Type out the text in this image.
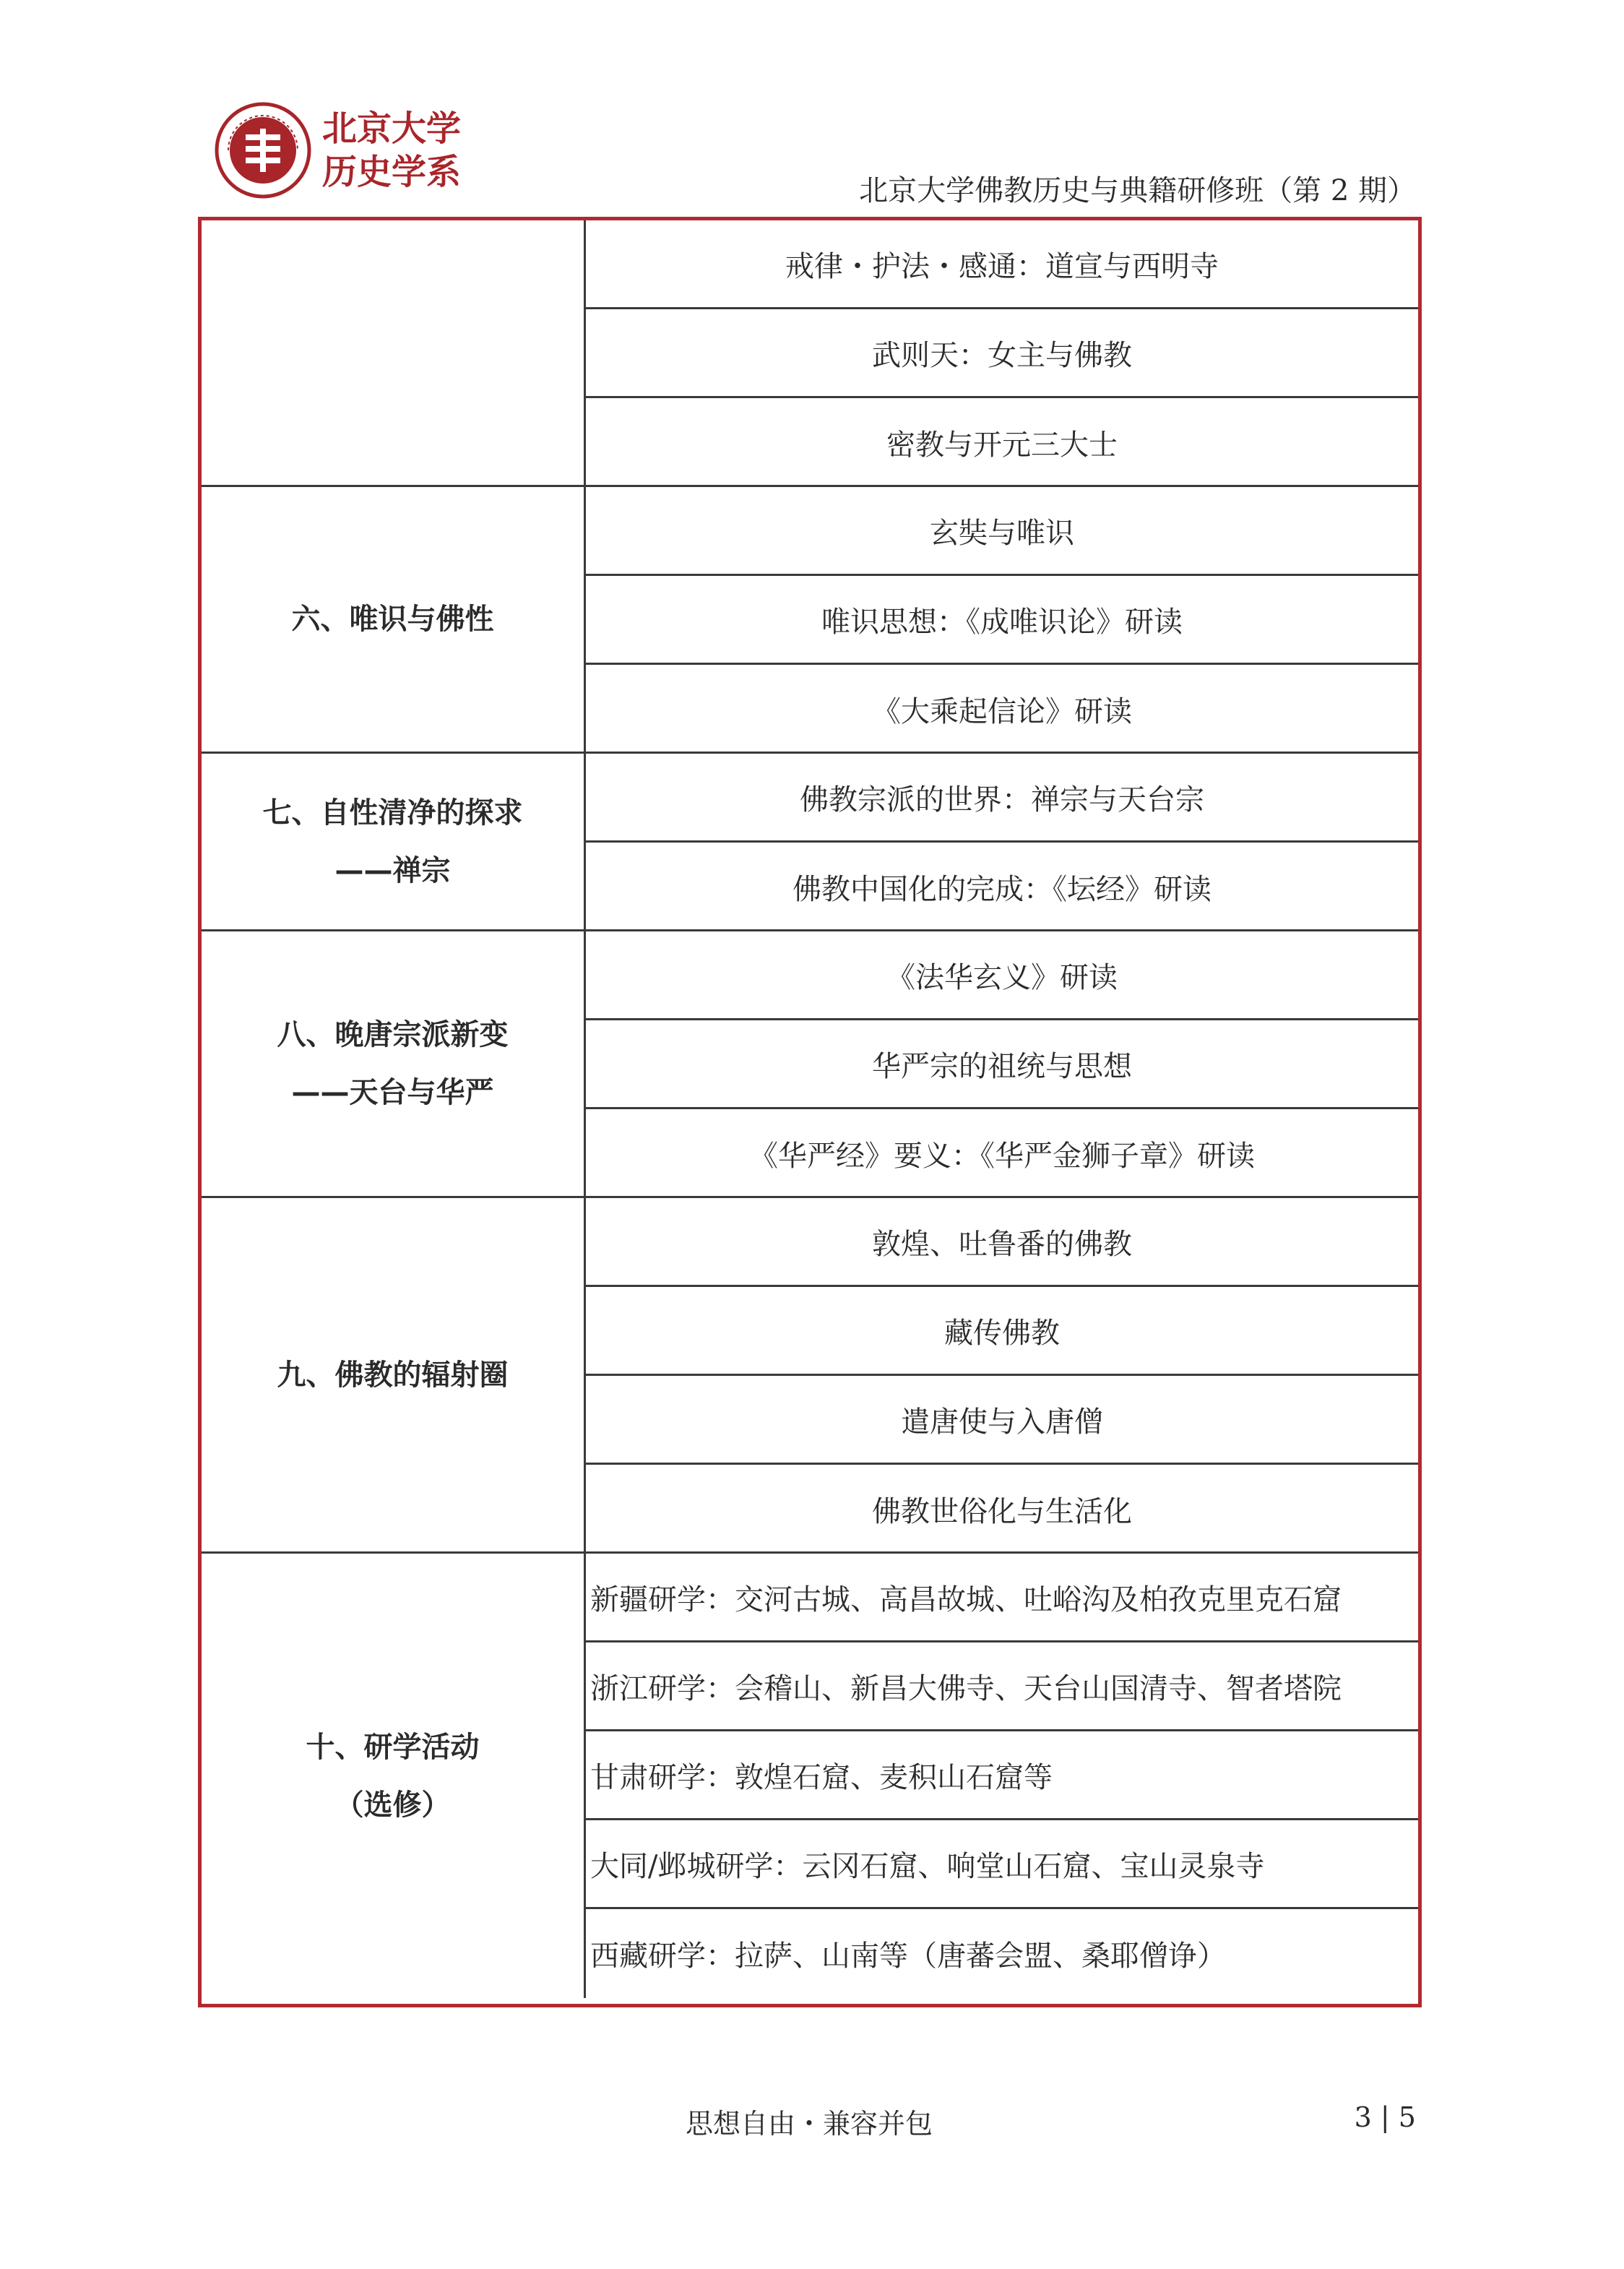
北京大学
历史学系	北京大学佛教历史与典籍研修班（第 2 期）
戒律・护法・感通：道宣与西明寺
武则天：女主与佛教
密教与开元三大士
六、唯识与佛性
玄奘与唯识
唯识思想：《成唯识论》研读
《大乘起信论》研读
七、自性清净的探求
——禅宗
佛教宗派的世界：禅宗与天台宗
佛教中国化的完成：《坛经》研读
八、晚唐宗派新变
——天台与华严
《法华玄义》研读
华严宗的祖统与思想
《华严经》要义：《华严金狮子章》研读
九、佛教的辐射圈
敦煌、吐鲁番的佛教
藏传佛教
遣唐使与入唐僧
佛教世俗化与生活化
十、研学活动
（选修）
新疆研学：交河古城、高昌故城、吐峪沟及柏孜克里克石窟
浙江研学：会稽山、新昌大佛寺、天台山国清寺、智者塔院
甘肃研学：敦煌石窟、麦积山石窟等
大同/邺城研学：云冈石窟、响堂山石窟、宝山灵泉寺
西藏研学：拉萨、山南等（唐蕃会盟、桑耶僧诤）
思想自由・兼容并包	3 | 5
